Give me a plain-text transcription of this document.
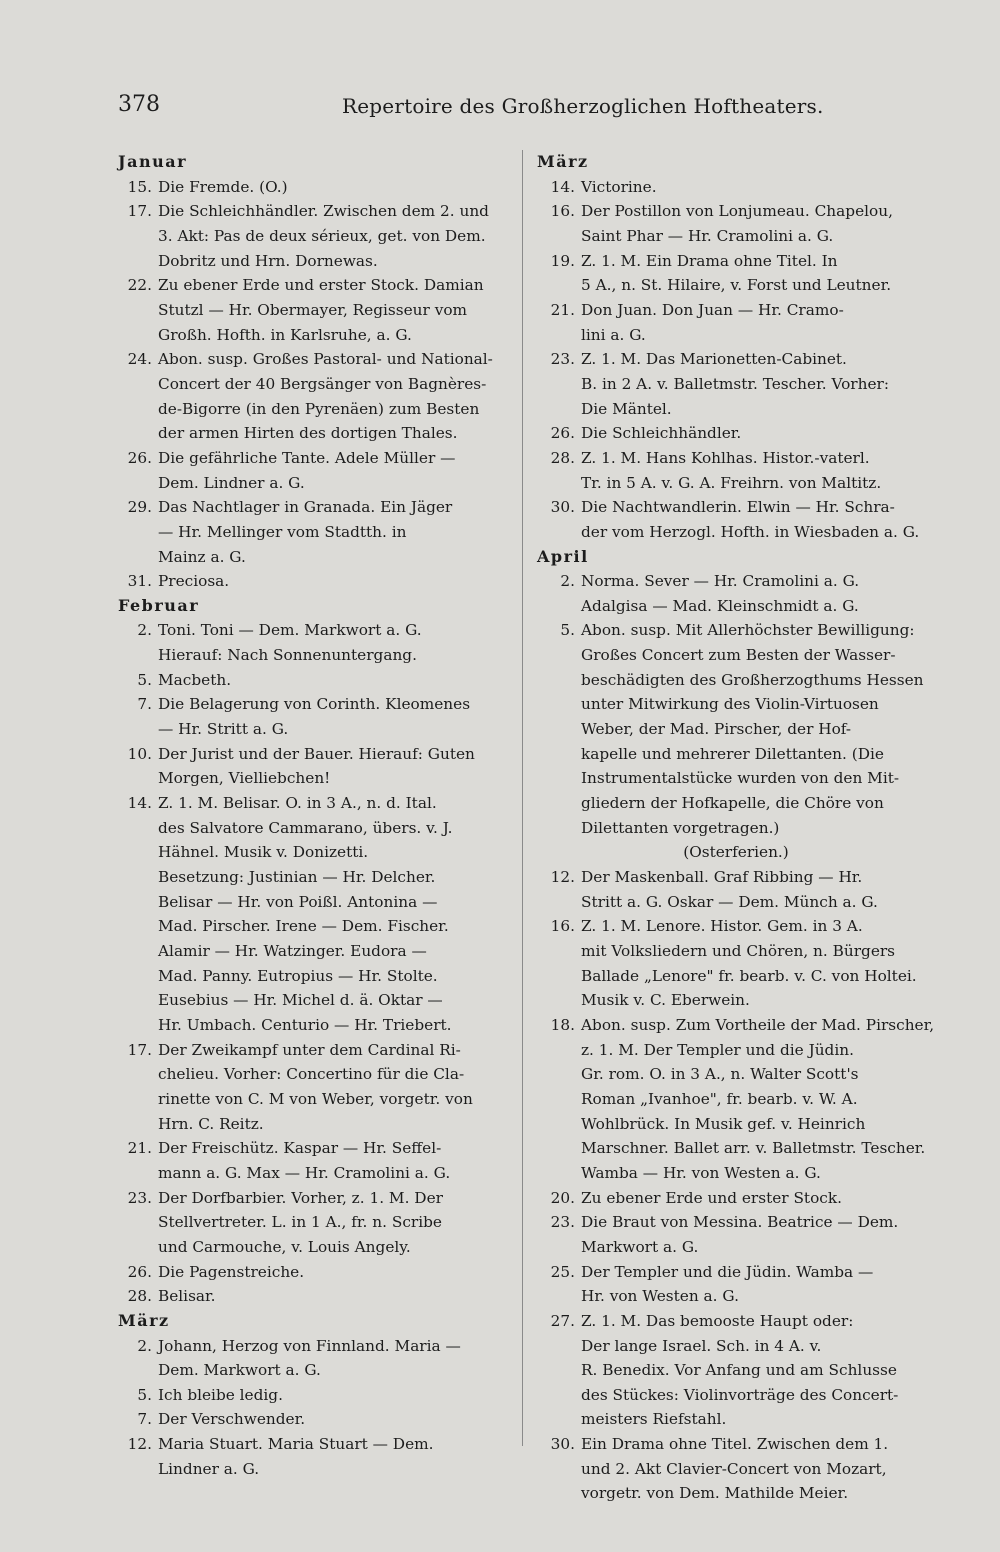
378	Repertoire des Großherzoglichen Hoftheaters.
Januar
15. Die Fremde. (O.)
17. Die Schleichhändler. Zwischen dem 2. und
3. Akt: Pas de deux sérieux, get. von Dem.
Dobritz und Hrn. Dornewas.
22. Zu ebener Erde und erster Stock. Damian
Stutzl — Hr. Obermayer, Regisseur vom
Großh. Hofth. in Karlsruhe, a. G.
24. Abon. susp. Großes Pastoral- und National-
Concert der 40 Bergsänger von Bagnères-
de-Bigorre (in den Pyrenäen) zum Besten
der armen Hirten des dortigen Thales.
26. Die gefährliche Tante. Adele Müller —
Dem. Lindner a. G.
29. Das Nachtlager in Granada. Ein Jäger
— Hr. Mellinger vom Stadtth. in
Mainz a. G.
31. Preciosa.
Februar
2. Toni. Toni — Dem. Markwort a. G.
Hierauf: Nach Sonnenuntergang.
5. Macbeth.
7. Die Belagerung von Corinth. Kleomenes
— Hr. Stritt a. G.
10. Der Jurist und der Bauer. Hierauf: Guten
Morgen, Vielliebchen!
14. Z. 1. M. Belisar. O. in 3 A., n. d. Ital.
des Salvatore Cammarano, übers. v. J.
Hähnel. Musik v. Donizetti.
Besetzung: Justinian — Hr. Delcher.
Belisar — Hr. von Poißl. Antonina —
Mad. Pirscher. Irene — Dem. Fischer.
Alamir — Hr. Watzinger. Eudora —
Mad. Panny. Eutropius — Hr. Stolte.
Eusebius — Hr. Michel d. ä. Oktar —
Hr. Umbach. Centurio — Hr. Triebert.
17. Der Zweikampf unter dem Cardinal Ri-
chelieu. Vorher: Concertino für die Cla-
rinette von C. M von Weber, vorgetr. von
Hrn. C. Reitz.
21. Der Freischütz. Kaspar — Hr. Seffel-
mann a. G. Max — Hr. Cramolini a. G.
23. Der Dorfbarbier. Vorher, z. 1. M. Der
Stellvertreter. L. in 1 A., fr. n. Scribe
und Carmouche, v. Louis Angely.
26. Die Pagenstreiche.
28. Belisar.
März
2. Johann, Herzog von Finnland. Maria —
Dem. Markwort a. G.
5. Ich bleibe ledig.
7. Der Verschwender.
12. Maria Stuart. Maria Stuart — Dem.
Lindner a. G.
März
14. Victorine.
16. Der Postillon von Lonjumeau. Chapelou,
Saint Phar — Hr. Cramolini a. G.
19. Z. 1. M. Ein Drama ohne Titel. In
5 A., n. St. Hilaire, v. Forst und Leutner.
21. Don Juan. Don Juan — Hr. Cramo-
lini a. G.
23. Z. 1. M. Das Marionetten-Cabinet.
B. in 2 A. v. Balletmstr. Tescher. Vorher:
Die Mäntel.
26. Die Schleichhändler.
28. Z. 1. M. Hans Kohlhas. Histor.-vaterl.
Tr. in 5 A. v. G. A. Freihrn. von Maltitz.
30. Die Nachtwandlerin. Elwin — Hr. Schra-
der vom Herzogl. Hofth. in Wiesbaden a. G.
April
2. Norma. Sever — Hr. Cramolini a. G.
Adalgisa — Mad. Kleinschmidt a. G.
5. Abon. susp. Mit Allerhöchster Bewilligung:
Großes Concert zum Besten der Wasser-
beschädigten des Großherzogthums Hessen
unter Mitwirkung des Violin-Virtuosen
Weber, der Mad. Pirscher, der Hof-
kapelle und mehrerer Dilettanten. (Die
Instrumentalstücke wurden von den Mit-
gliedern der Hofkapelle, die Chöre von
Dilettanten vorgetragen.)
(Osterferien.)
12. Der Maskenball. Graf Ribbing — Hr.
Stritt a. G. Oskar — Dem. Münch a. G.
16. Z. 1. M. Lenore. Histor. Gem. in 3 A.
mit Volksliedern und Chören, n. Bürgers
Ballade „Lenore" fr. bearb. v. C. von Holtei.
Musik v. C. Eberwein.
18. Abon. susp. Zum Vortheile der Mad. Pirscher,
z. 1. M. Der Templer und die Jüdin.
Gr. rom. O. in 3 A., n. Walter Scott's
Roman „Ivanhoe", fr. bearb. v. W. A.
Wohlbrück. In Musik gef. v. Heinrich
Marschner. Ballet arr. v. Balletmstr. Tescher.
Wamba — Hr. von Westen a. G.
20. Zu ebener Erde und erster Stock.
23. Die Braut von Messina. Beatrice — Dem.
Markwort a. G.
25. Der Templer und die Jüdin. Wamba —
Hr. von Westen a. G.
27. Z. 1. M. Das bemooste Haupt oder:
Der lange Israel. Sch. in 4 A. v.
R. Benedix. Vor Anfang und am Schlusse
des Stückes: Violinvorträge des Concert-
meisters Riefstahl.
30. Ein Drama ohne Titel. Zwischen dem 1.
und 2. Akt Clavier-Concert von Mozart,
vorgetr. von Dem. Mathilde Meier.
